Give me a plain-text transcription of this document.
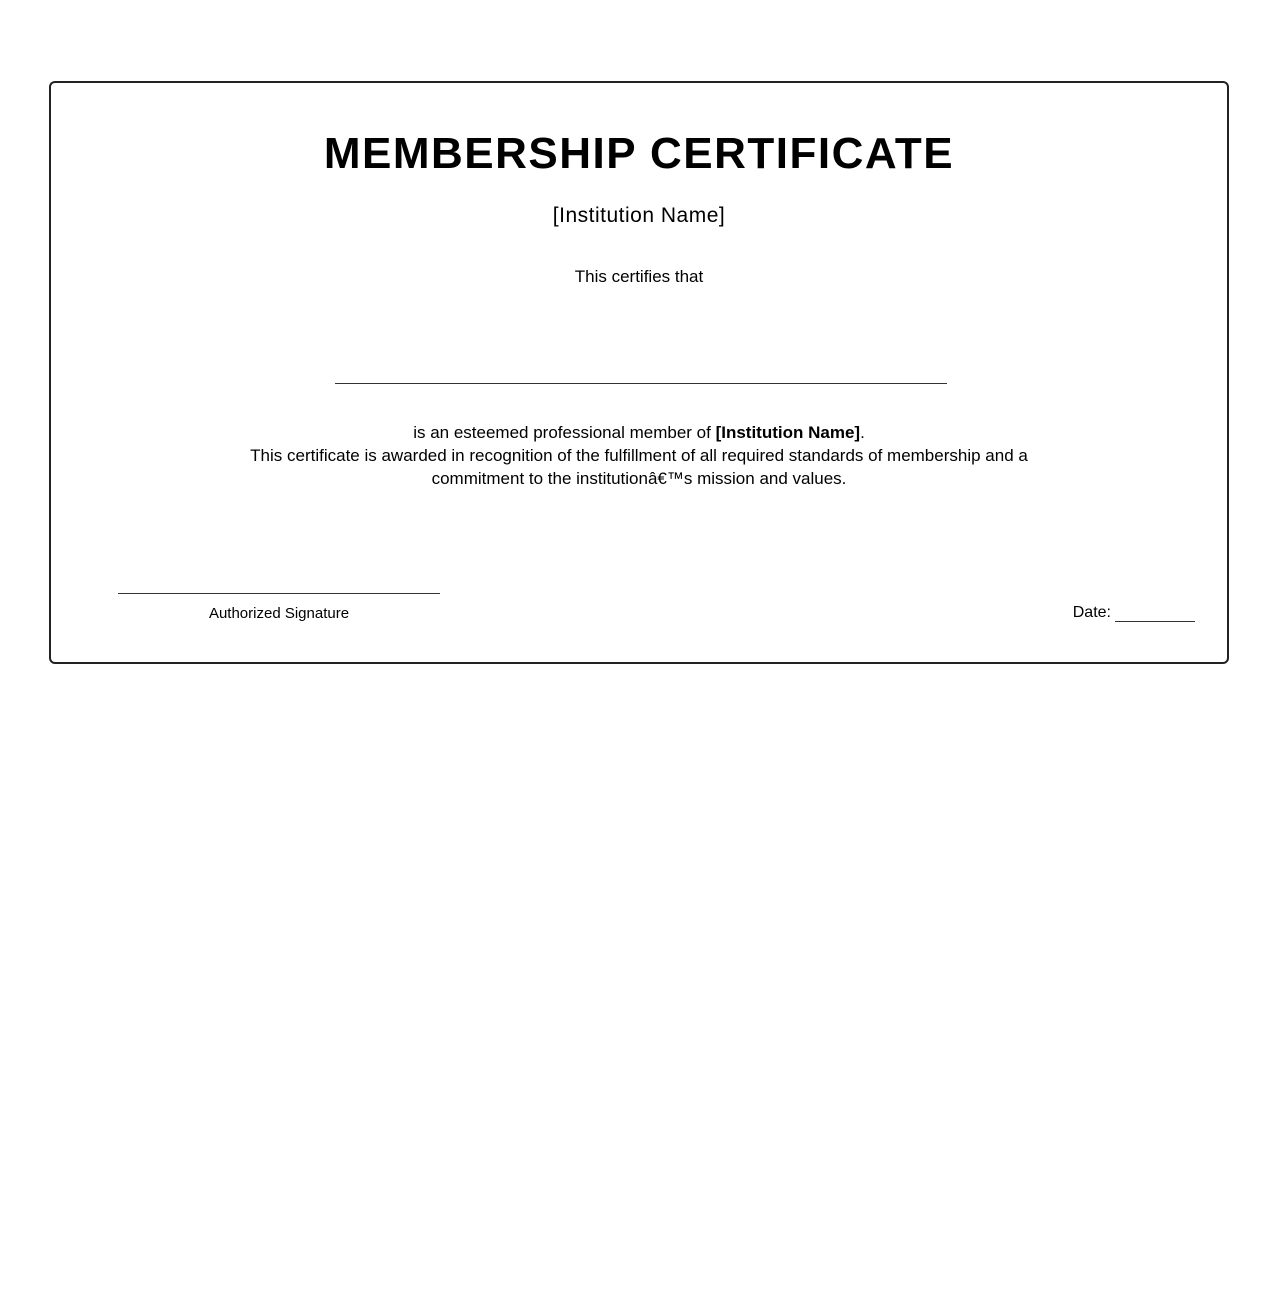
MEMBERSHIP CERTIFICATE
[Institution Name]
This certifies that
is an esteemed professional member of [Institution Name].
This certificate is awarded in recognition of the fulfillment of all required standards of membership and a
commitment to the institutionâ€™s mission and values.
Authorized Signature	Date:
